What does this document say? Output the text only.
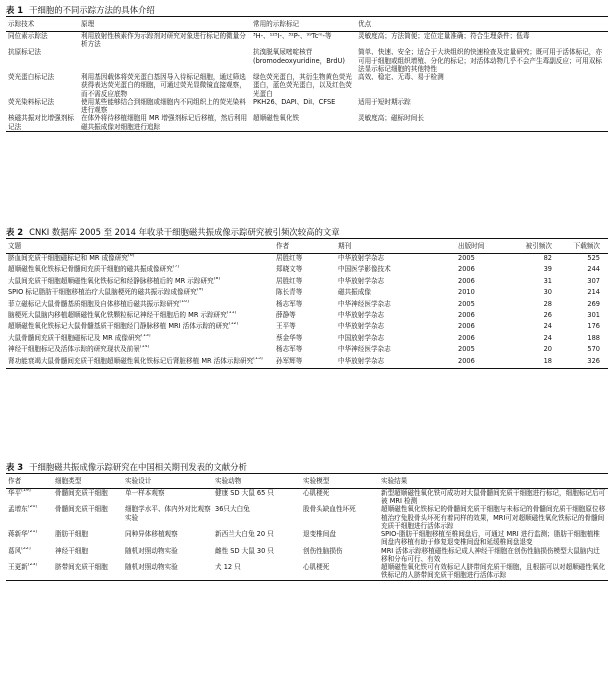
表 1 干细胞的不同示踪方法的具体介绍
示踪技术	原理	常用的示踪标记	优点
同位素示踪法	利用放射性核素作为示踪剂对研究对象进行标记的微量分析方法	³H-、¹²⁵I-、³²P-、⁹⁹Tcᵐ-等	灵敏度高；方法简便；定位定量准确；符合生理条件；低毒
抗原标记法		抗溴脱氧尿嘧啶核苷(bromodeoxyuridine，BrdU)	简单、快速、安全；适合于大块组织的快速检查及定量研究；既可用于活体标记，亦可用于细胞或组织增殖、分化的标记；对活体动物几乎不会产生毒副反应；可用双标法显示标记细胞的其他特性
荧光蛋白标记法	利用基因载体将荧光蛋白基因导入待标记细胞，通过筛选获得表达荧光蛋白的细胞，可通过荧光显微镜直接观察，而不需反应底物	绿色荧光蛋白，其衍生物黄色荧光蛋白，蓝色荧光蛋白，以及红色荧光蛋白	高效、稳定、无毒、易于检测
荧光染料标记法	使用某些能够结合到细胞或细胞内不同组织上的荧光染料进行观察	PKH26、DAPI、DiI、CFSE	适用于短时期示踪
核磁共振对比增强剂标记法	在体外将待移植细胞用 MR 增强剂标记后移植，然后利用磁共振成像对细胞进行追踪	超顺磁性氧化铁	灵敏度高；磁标时间长
表 2 CNKI 数据库 2005 至 2014 年收录干细胞磁共振成像示踪研究被引频次较高的文章
文题	作者	期刊	出版时间	被引频次	下载频次
脐血间充质干细胞磁标记和 MR 成像研究[6]	居胜红等	中华放射学杂志	2005	82	525
超顺磁性氧化铁标记骨髓间充质干细胞的磁共振成像研究[7]	郑晓文等	中国医学影像技术	2006	39	244
大鼠间充质干细胞超顺磁性氧化铁标记和经静脉移植后的 MR 示踪研究[8]	居胜红等	中华放射学杂志	2006	31	307
SPIO 标记脂肪干细胞移植治疗大鼠脑梗死的磁共振示踪成像研究[9]	陈长青等	磁共振成像	2010	30	214
菲立磁标记大鼠骨髓基质细胞及自体移植后磁共振示踪研究[10]	杨志军等	中华神经医学杂志	2005	28	269
脑梗死大鼠脑内移植超顺磁性氧化铁颗粒标记神经干细胞后的 MR 示踪研究[11]	薛静等	中华放射学杂志	2006	26	301
超顺磁性氧化铁标记大鼠骨髓基质干细胞经门静脉移植 MRI 活体示踪的研究[12]	王平等	中华放射学杂志	2006	24	176
大鼠骨髓间充质干细胞磁标记及 MR 成像研究[13]	蔡金华等	中国放射学杂志	2006	24	188
神经干细胞标记及活体示踪的研究现状及前景[14]	杨志军等	中华神经医学杂志	2005	20	570
肾功能衰竭大鼠骨髓间充质干细胞超顺磁性氧化铁标记后肾脏移植 MR 活体示踪研究[15]	孙军辉等	中华放射学杂志	2006	18	326
表 3 干细胞磁共振成像示踪研究在中国相关期刊发表的文献分析
作者	细胞类型	实验设计	实验动物	实验模型	实验结果
华平[19]	骨髓间充质干细胞	单一样本观察	健康 SD 大鼠 65 只	心肌梗死	新型超顺磁性氧化铁可成功对大鼠骨髓间充质干细胞进行标记，细胞标记后可被 MRI 检测
孟增东[20]	骨髓间充质干细胞	细胞学水平、体内外对比观察实验	36只大白兔	股骨头缺血性坏死	超顺磁性氧化铁标记的骨髓间充质干细胞与未标记的骨髓间充质干细胞原位移植治疗兔股骨头坏死有着同样的效果，MRI可对超顺磁性氧化铁标记的骨髓间充质干细胞进行活体示踪
蒋新华[21]	脂肪干细胞	同种异体移植观察	新西兰大白兔 20 只	退变椎间盘	SPIO-脂肪干细胞移植至椎间盘后，可通过 MRI 进行监测；脂肪干细胞植椎间盘内移植有助于修复退变椎间盘和延缓椎间盘退变
葛风[22]	神经干细胞	随机对照动物实验	雌性 SD 大鼠 30 只	创伤性脑损伤	MRI 活体示踪移植磁性标记成人神经干细胞在创伤性脑损伤模型大鼠脑内迁移和分布可行、有效
王更新[23]	脐带间充质干细胞	随机对照动物实验	犬 12 只	心肌梗死	超顺磁性氧化铁可有效标记人脐带间充质干细胞，且根据可以对超顺磁性氧化铁标记的人脐带间充质干细胞进行活体示踪
